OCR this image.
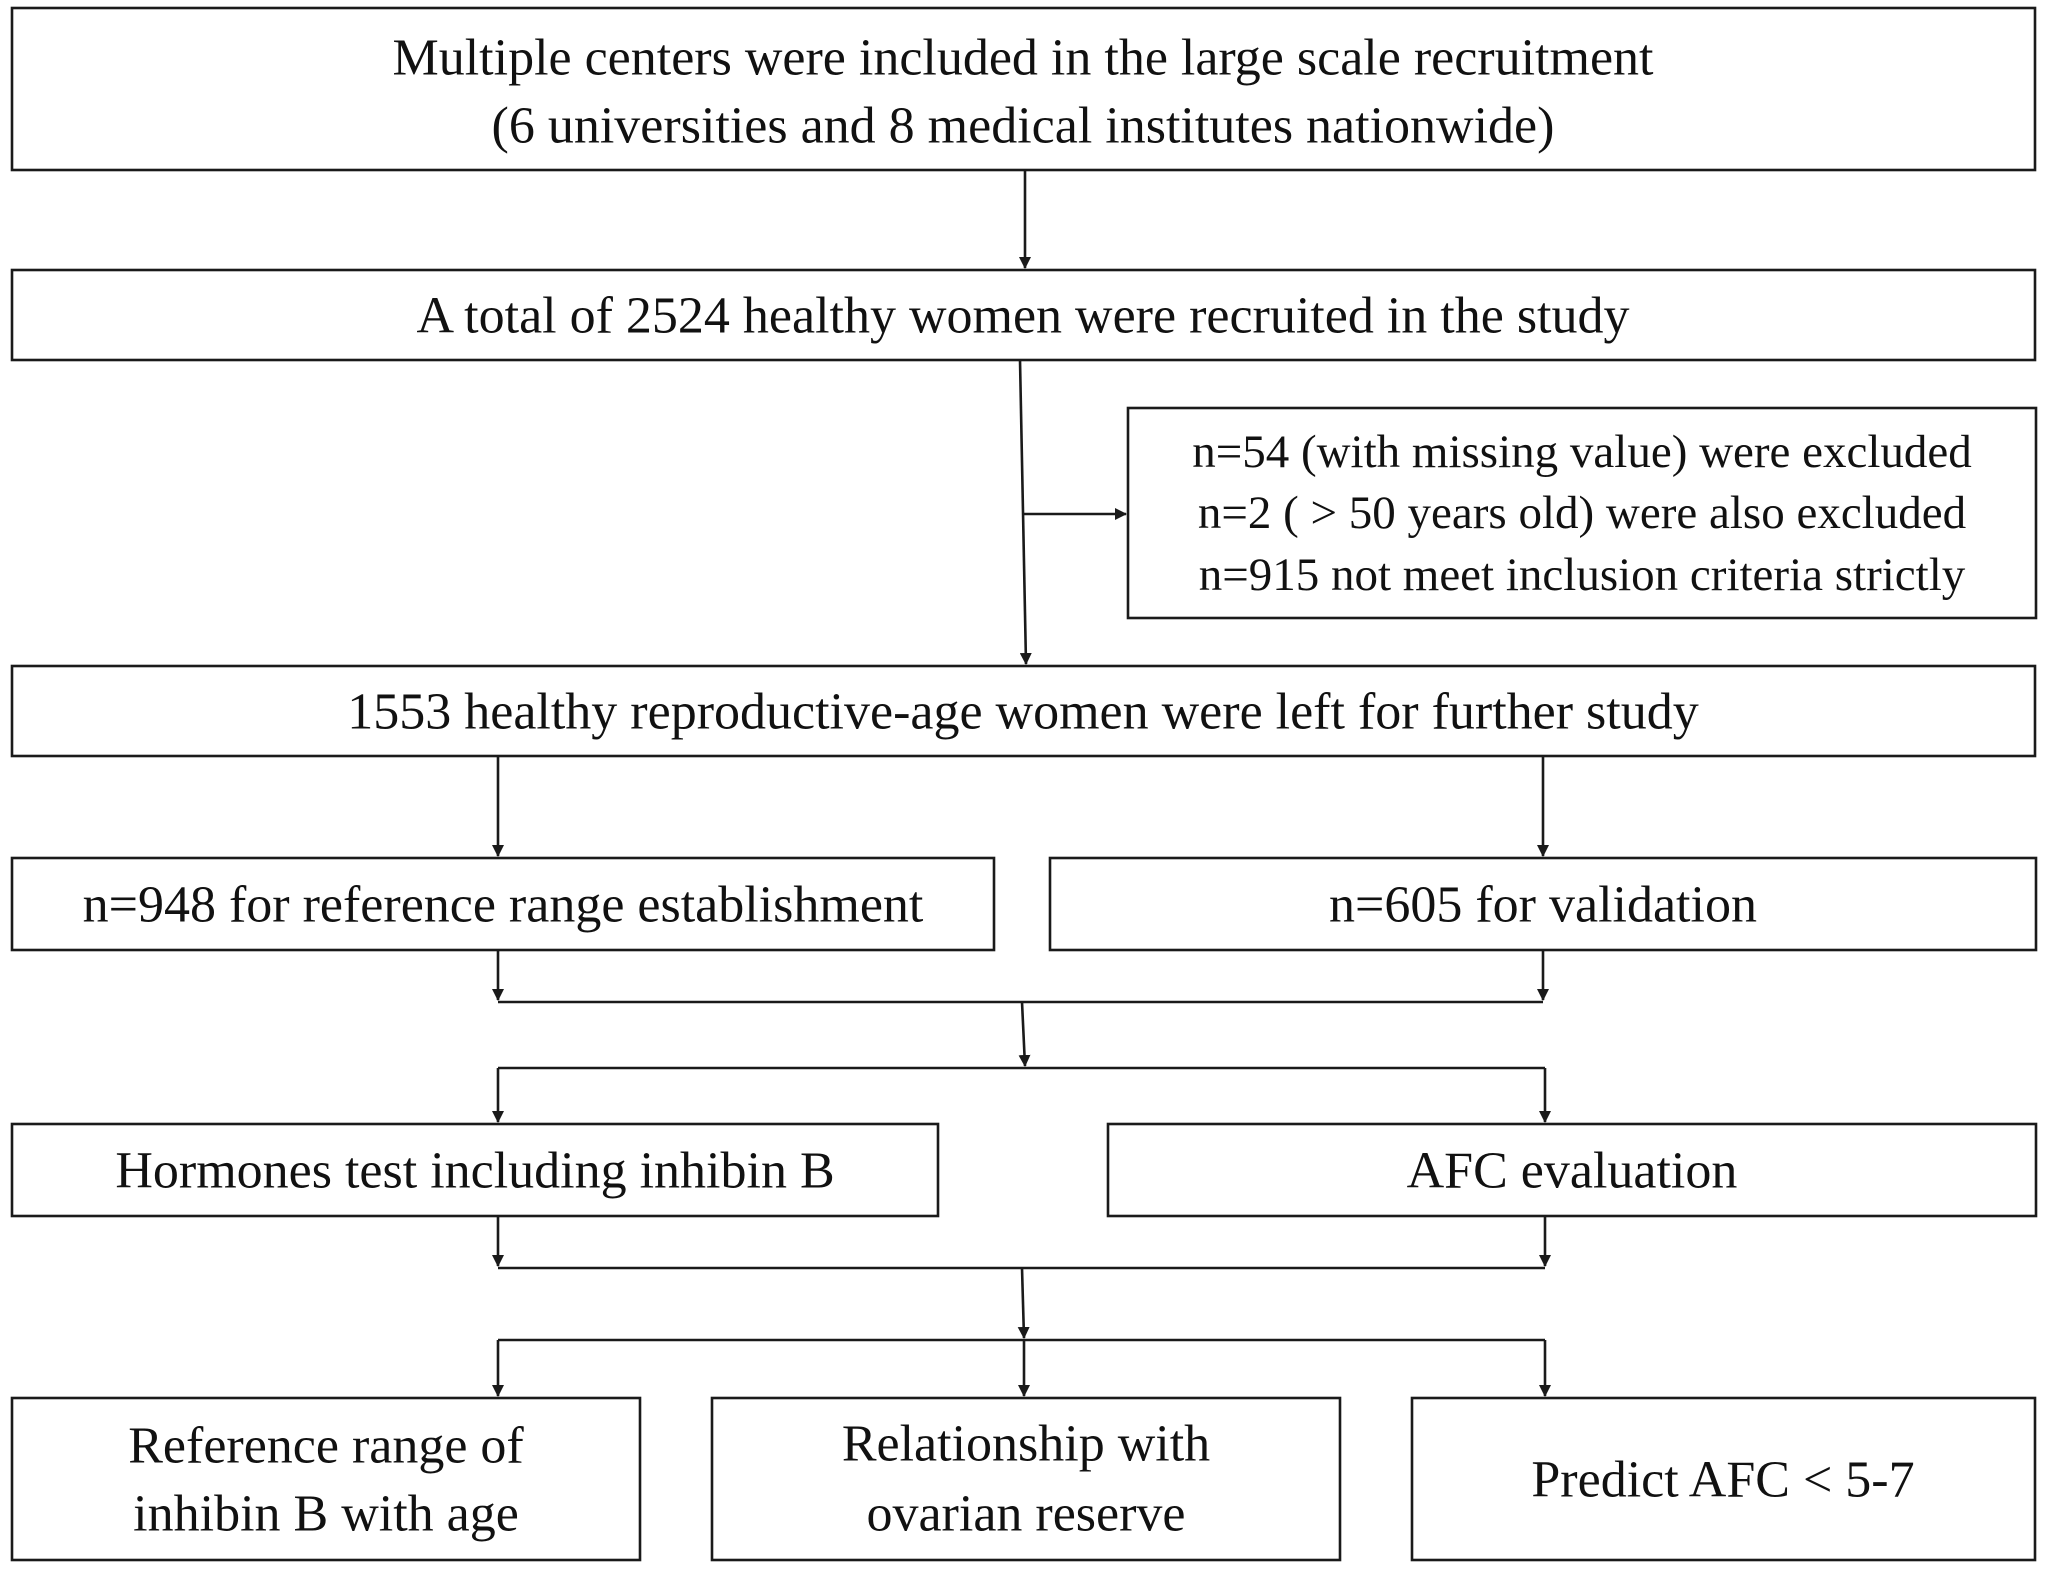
Multiple centers were included in the large scale recruitment
(6 universities and 8 medical institutes nationwide)
A total of 2524 healthy women were recruited in the study
n=54 (with missing value) were excluded
n=2 ( > 50 years old) were also excluded
n=915 not meet inclusion criteria strictly
1553 healthy reproductive-age women were left for further study
n=948 for reference range establishment	n=605 for validation
Hormones test including inhibin B	AFC evaluation
Reference range of
inhibin B with age
Relationship with
ovarian reserve
Predict AFC < 5-7
